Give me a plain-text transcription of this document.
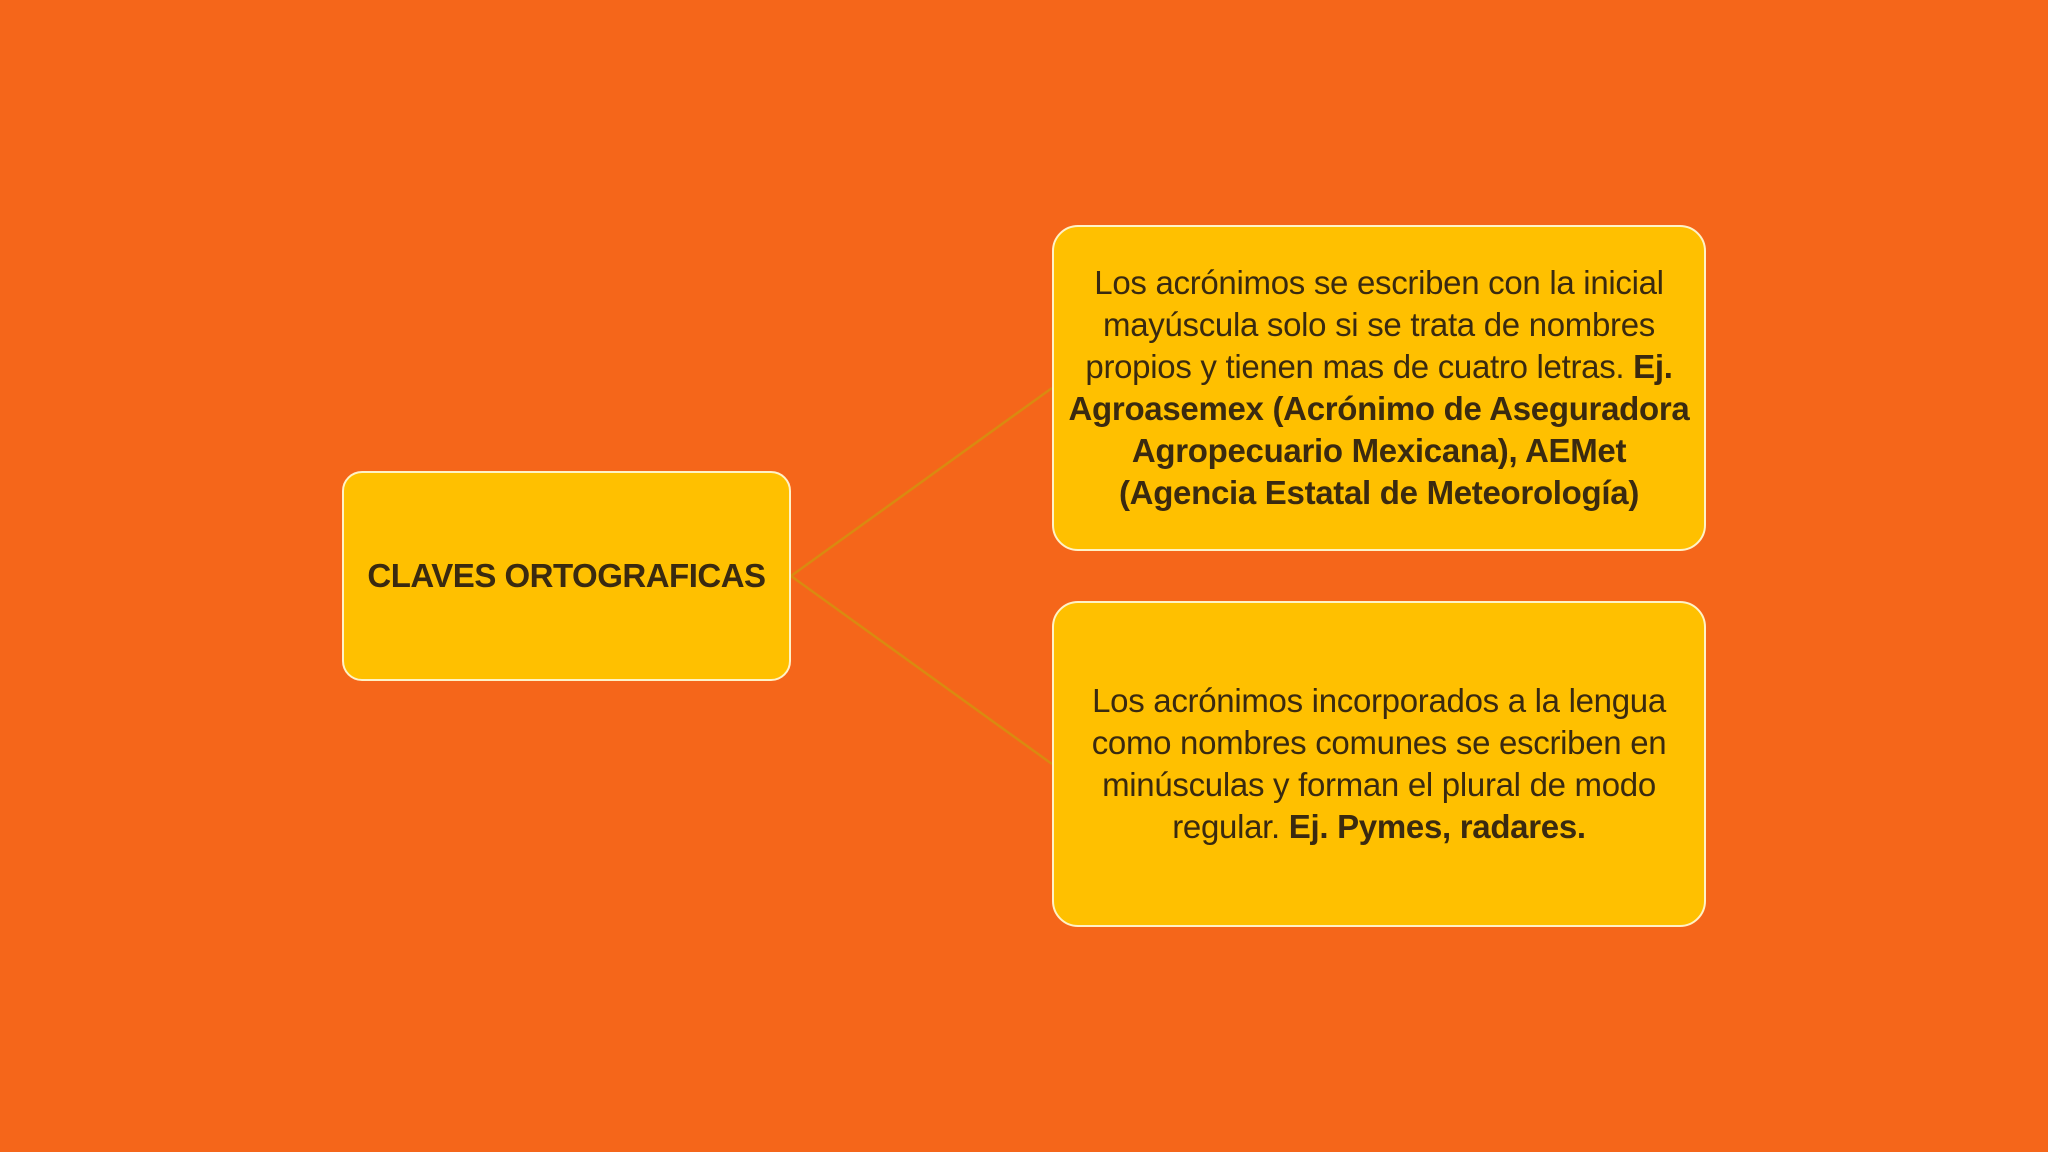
CLAVES ORTOGRAFICAS
Los acrónimos se escriben con la inicial mayúscula solo si se trata de nombres propios y tienen mas de cuatro letras. Ej. Agroasemex (Acrónimo de Aseguradora Agropecuario Mexicana), AEMet (Agencia Estatal de Meteorología)
Los acrónimos incorporados a la lengua como nombres comunes se escriben en minúsculas y forman el plural de modo regular. Ej. Pymes, radares.
